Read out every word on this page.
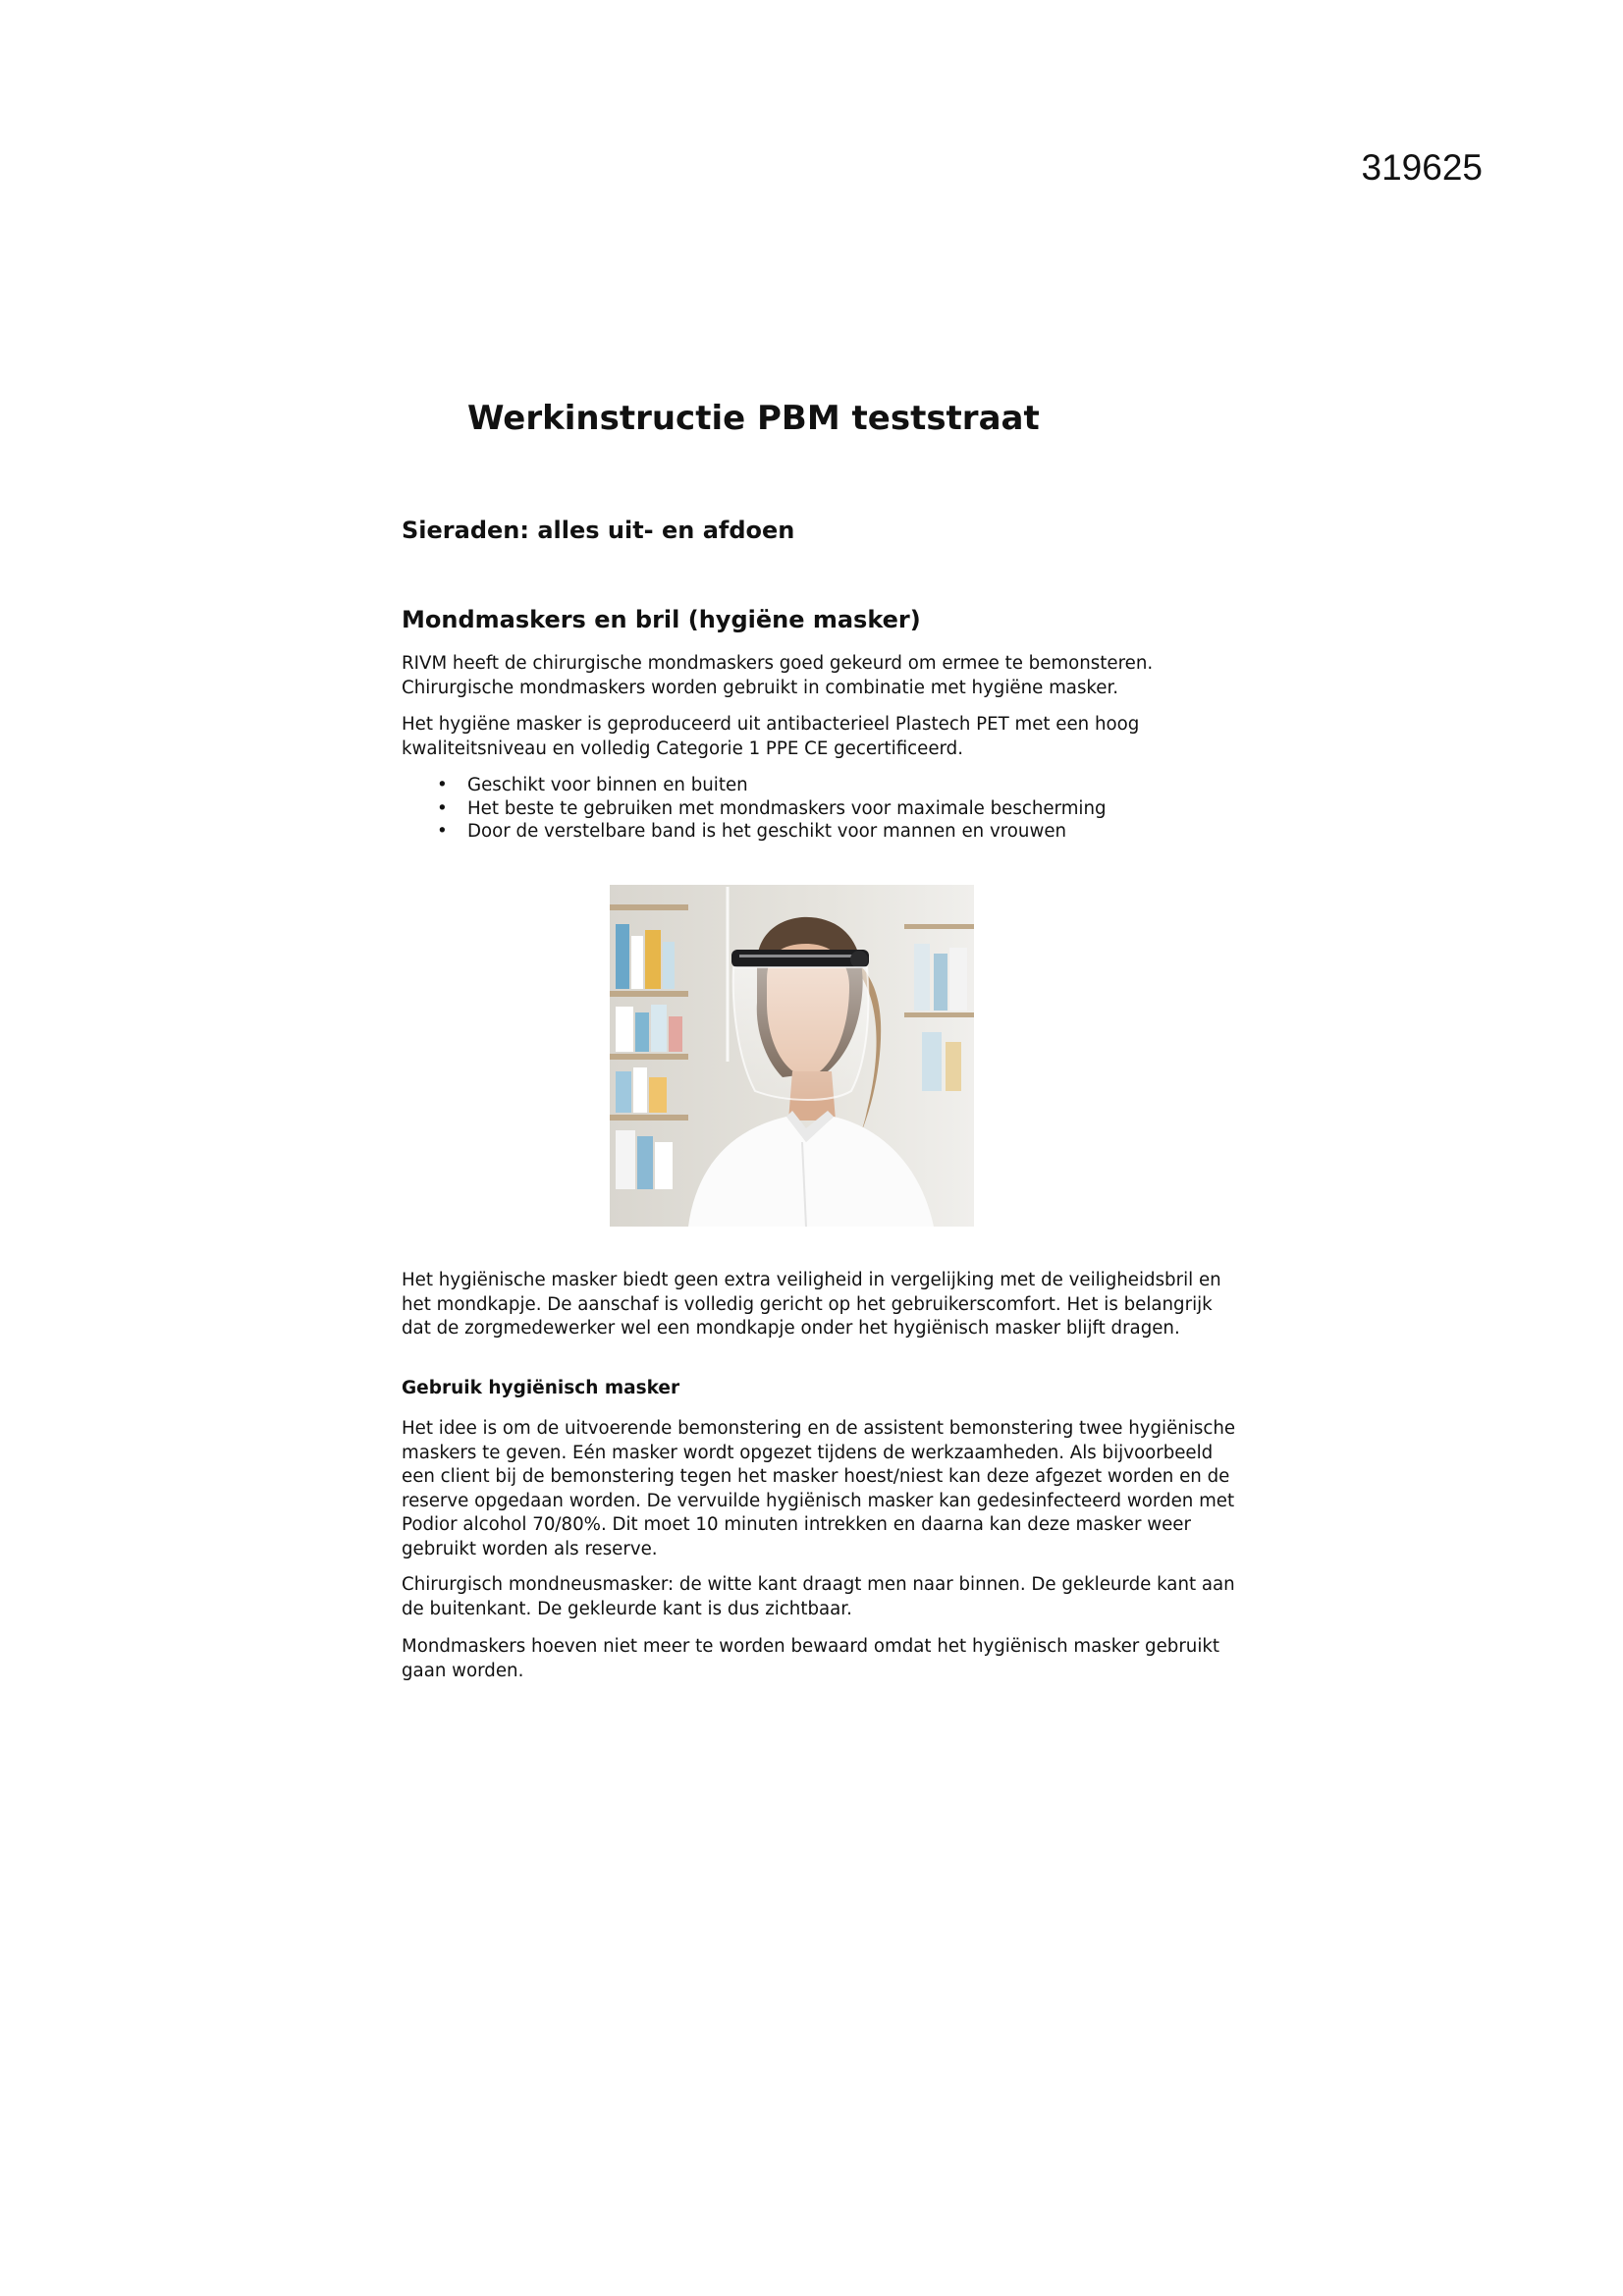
319625
Werkinstructie PBM teststraat
Sieraden: alles uit- en afdoen
Mondmaskers en bril (hygiëne masker)

RIVM heeft de chirurgische mondmaskers goed gekeurd om ermee te bemonsteren. Chirurgische mondmaskers worden gebruikt in combinatie met hygiëne masker.

Het hygiëne masker is geproduceerd uit antibacterieel Plastech PET met een hoog kwaliteitsniveau en volledig Categorie 1 PPE CE gecertificeerd.

• Geschikt voor binnen en buiten
• Het beste te gebruiken met mondmaskers voor maximale bescherming
• Door de verstelbare band is het geschikt voor mannen en vrouwen

Het hygiënische masker biedt geen extra veiligheid in vergelijking met de veiligheidsbril en het mondkapje. De aanschaf is volledig gericht op het gebruikerscomfort. Het is belangrijk dat de zorgmedewerker wel een mondkapje onder het hygiënisch masker blijft dragen.

Gebruik hygiënisch masker

Het idee is om de uitvoerende bemonstering en de assistent bemonstering twee hygiënische maskers te geven. Eén masker wordt opgezet tijdens de werkzaamheden. Als bijvoorbeeld een client bij de bemonstering tegen het masker hoest/niest kan deze afgezet worden en de reserve opgedaan worden. De vervuilde hygiënisch masker kan gedesinfecteerd worden met Podior alcohol 70/80%. Dit moet 10 minuten intrekken en daarna kan deze masker weer gebruikt worden als reserve.

Chirurgisch mondneusmasker: de witte kant draagt men naar binnen. De gekleurde kant aan de buitenkant. De gekleurde kant is dus zichtbaar.

Mondmaskers hoeven niet meer te worden bewaard omdat het hygiënisch masker gebruikt gaan worden.
